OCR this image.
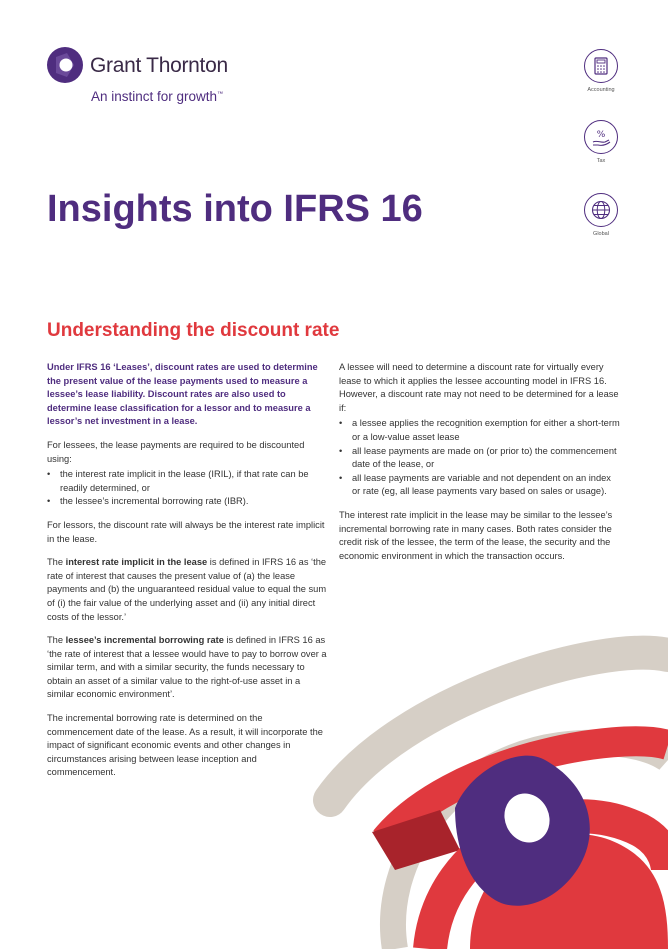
Grant Thornton
An instinct for growth™
Accounting
%
Tax
Global
Insights into IFRS 16
Understanding the discount rate

Under IFRS 16 ‘Leases’, discount rates are used to determine the present value of the lease payments used to measure a lessee’s lease liability. Discount rates are also used to determine lease classification for a lessor and to measure a lessor’s net investment in a lease.

For lessees, the lease payments are required to be discounted using:

• the interest rate implicit in the lease (IRIL), if that rate can be readily determined, or
• the lessee’s incremental borrowing rate (IBR).

For lessors, the discount rate will always be the interest rate implicit in the lease.

The interest rate implicit in the lease is defined in IFRS 16 as ‘the rate of interest that causes the present value of (a) the lease payments and (b) the unguaranteed residual value to equal the sum of (i) the fair value of the underlying asset and (ii) any initial direct costs of the lessor.’

The lessee’s incremental borrowing rate is defined in IFRS 16 as ‘the rate of interest that a lessee would have to pay to borrow over a similar term, and with a similar security, the funds necessary to obtain an asset of a similar value to the right-of-use asset in a similar economic environment’.

The incremental borrowing rate is determined on the commencement date of the lease. As a result, it will incorporate the impact of significant economic events and other changes in circumstances arising between lease inception and commencement.

A lessee will need to determine a discount rate for virtually every lease to which it applies the lessee accounting model in IFRS 16. However, a discount rate may not need to be determined for a lease if:

• a lessee applies the recognition exemption for either a short-term or a low-value asset lease
• all lease payments are made on (or prior to) the commencement date of the lease, or
• all lease payments are variable and not dependent on an index or rate (eg, all lease payments vary based on sales or usage).

The interest rate implicit in the lease may be similar to the lessee’s incremental borrowing rate in many cases. Both rates consider the credit risk of the lessee, the term of the lease, the security and the economic environment in which the transaction occurs.
